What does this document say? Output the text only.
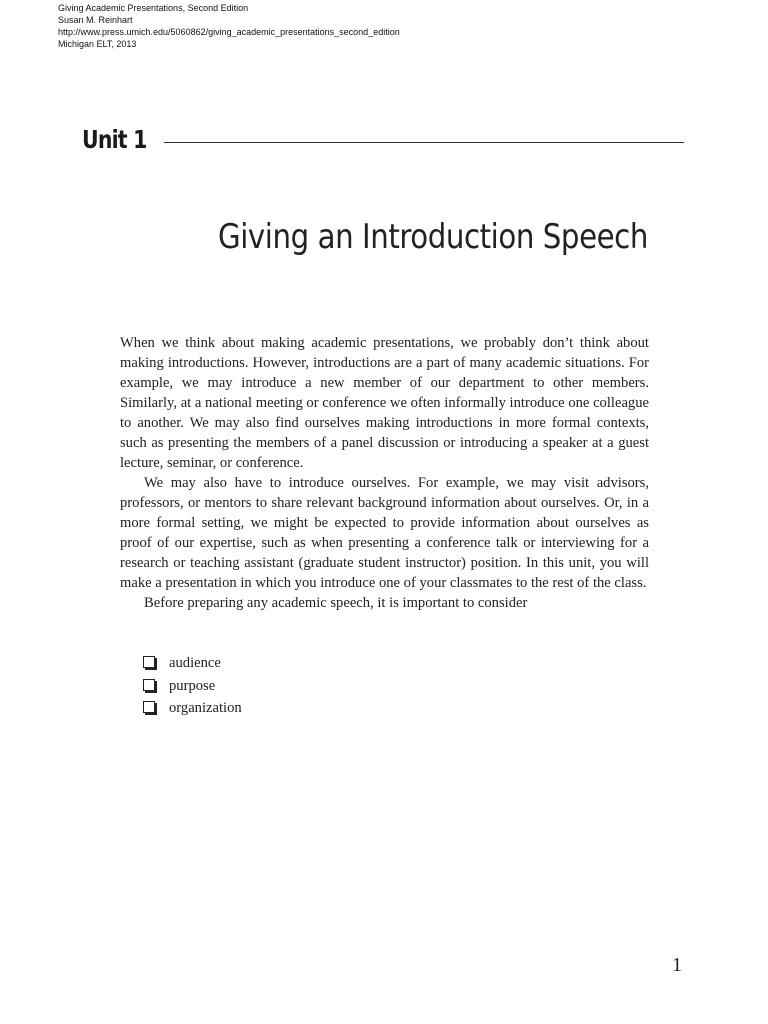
Giving Academic Presentations, Second Edition
Susan M. Reinhart
http://www.press.umich.edu/5060862/giving_academic_presentations_second_edition
Michigan ELT, 2013
Unit 1
Giving an Introduction Speech

When we think about making academic presentations, we probably don’t think about making introductions. However, introductions are a part of many academic situations. For example, we may introduce a new member of our department to other members. Similarly, at a national meeting or conference we often informally introduce one colleague to another. We may also find ourselves making introductions in more formal contexts, such as presenting the members of a panel discussion or introducing a speaker at a guest lecture, seminar, or conference.

We may also have to introduce ourselves. For example, we may visit advisors, professors, or mentors to share relevant background information about ourselves. Or, in a more formal setting, we might be expected to provide information about ourselves as proof of our expertise, such as when presenting a conference talk or interviewing for a research or teaching assistant (graduate student instructor) position. In this unit, you will make a presentation in which you introduce one of your classmates to the rest of the class.

Before preparing any academic speech, it is important to consider

audience
purpose
organization
1
